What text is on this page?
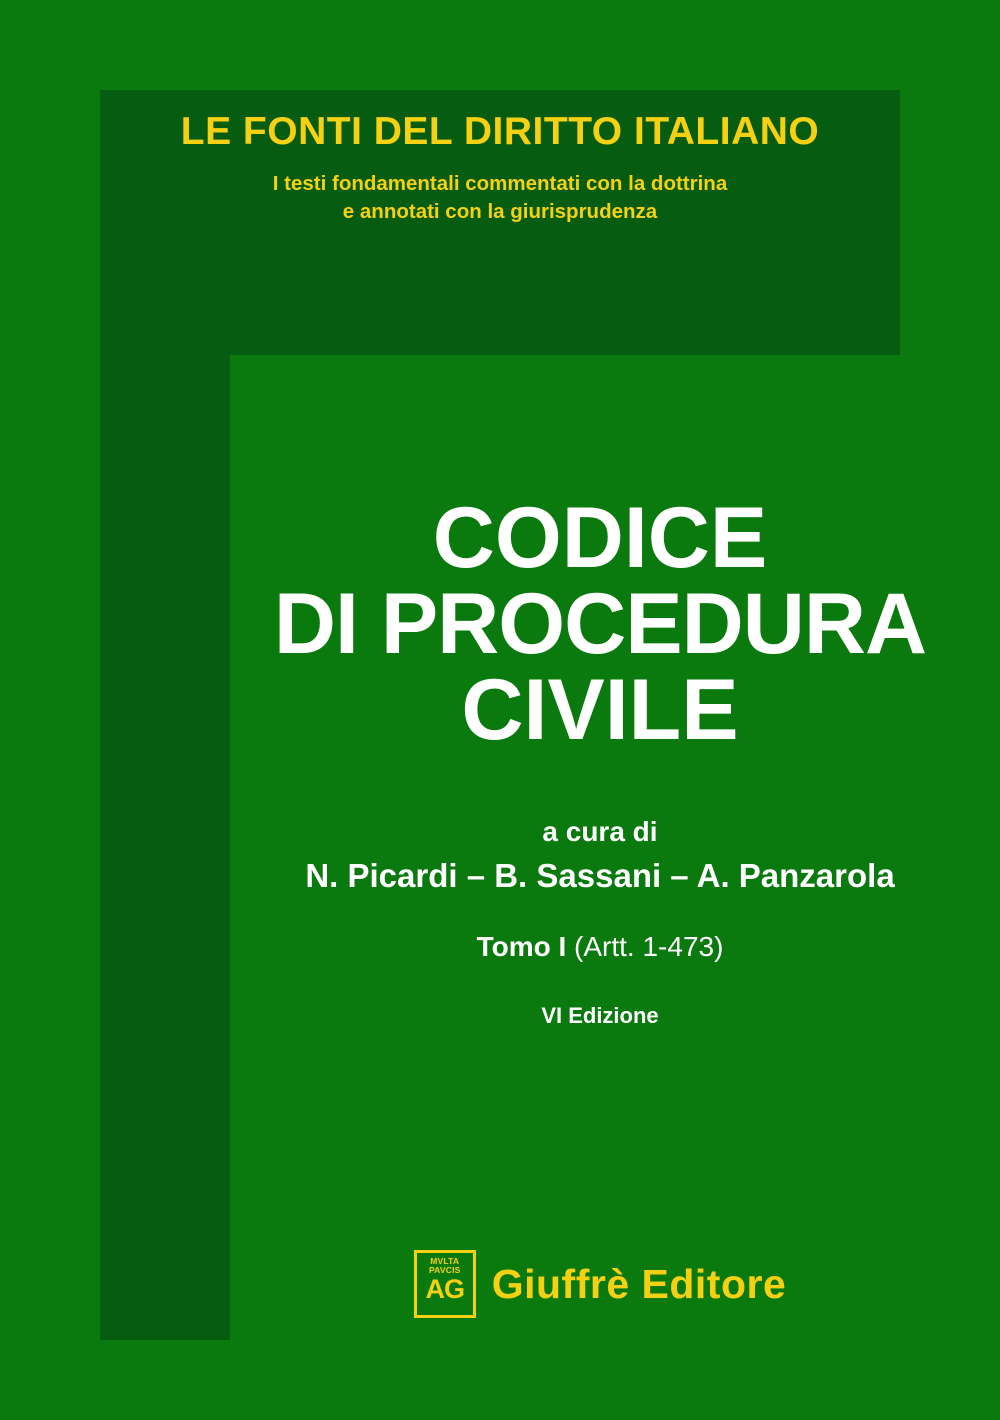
LE FONTI DEL DIRITTO ITALIANO
I testi fondamentali commentati con la dottrina
e annotati con la giurisprudenza
CODICE
DI PROCEDURA
CIVILE
a cura di
N. Picardi – B. Sassani – A. Panzarola
Tomo I (Artt. 1-473)
VI Edizione
MVLTA
PAVCIS
AG Giuffrè Editore
